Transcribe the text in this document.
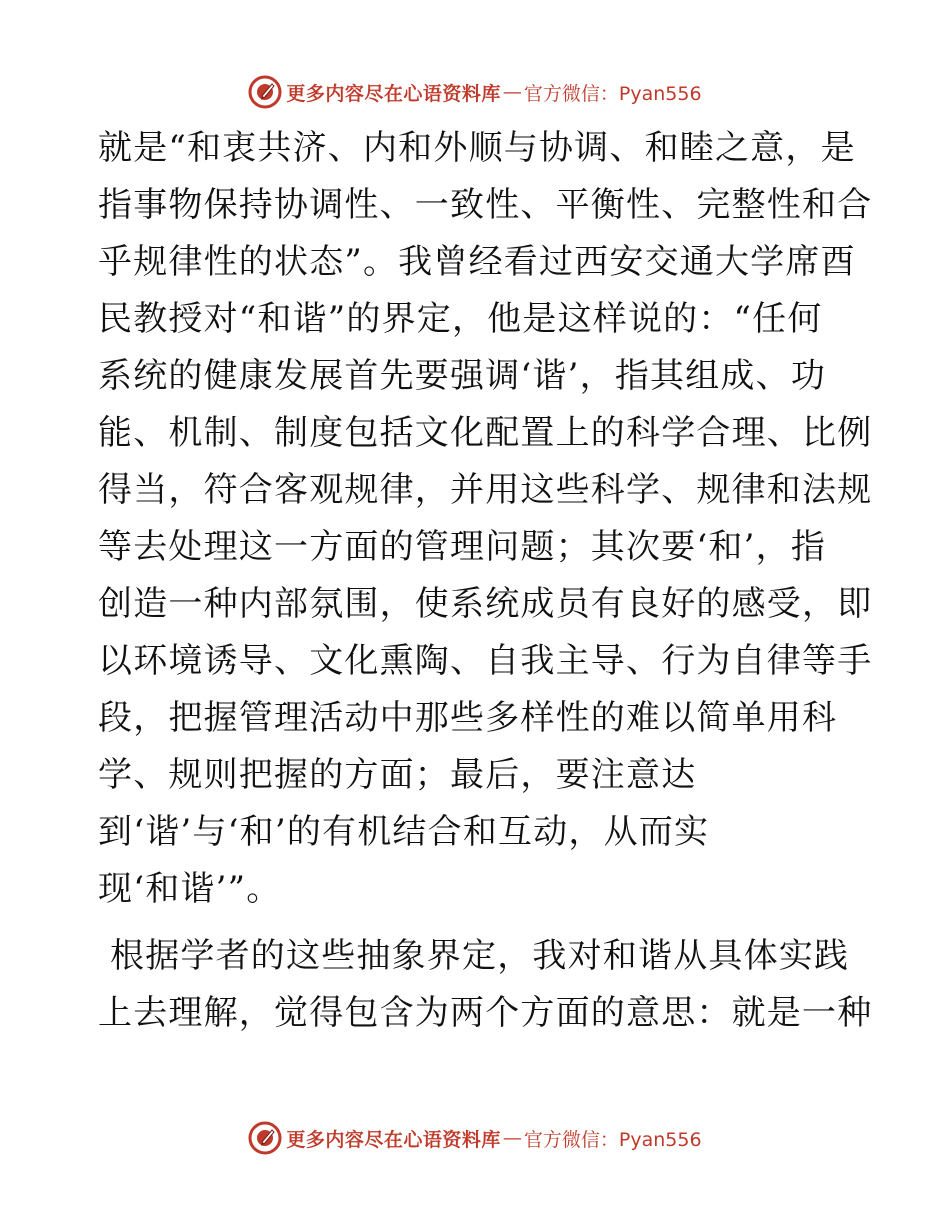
更多内容尽在心语资料库 — 官方微信：Pyan556
就是“和衷共济、内和外顺与协调、和睦之意，是
指事物保持协调性、一致性、平衡性、完整性和合
乎规律性的状态”。我曾经看过西安交通大学席酉
民教授对“和谐”的界定，他是这样说的：“任何
系统的健康发展首先要强调‘谐’，指其组成、功
能、机制、制度包括文化配置上的科学合理、比例
得当，符合客观规律，并用这些科学、规律和法规
等去处理这一方面的管理问题；其次要‘和’，指
创造一种内部氛围，使系统成员有良好的感受，即
以环境诱导、文化熏陶、自我主导、行为自律等手
段，把握管理活动中那些多样性的难以简单用科
学、规则把握的方面；最后，要注意达
到‘谐’与‘和’的有机结合和互动，从而实
现‘和谐’”。
根据学者的这些抽象界定，我对和谐从具体实践
上去理解，觉得包含为两个方面的意思：就是一种
更多内容尽在心语资料库 — 官方微信：Pyan556
